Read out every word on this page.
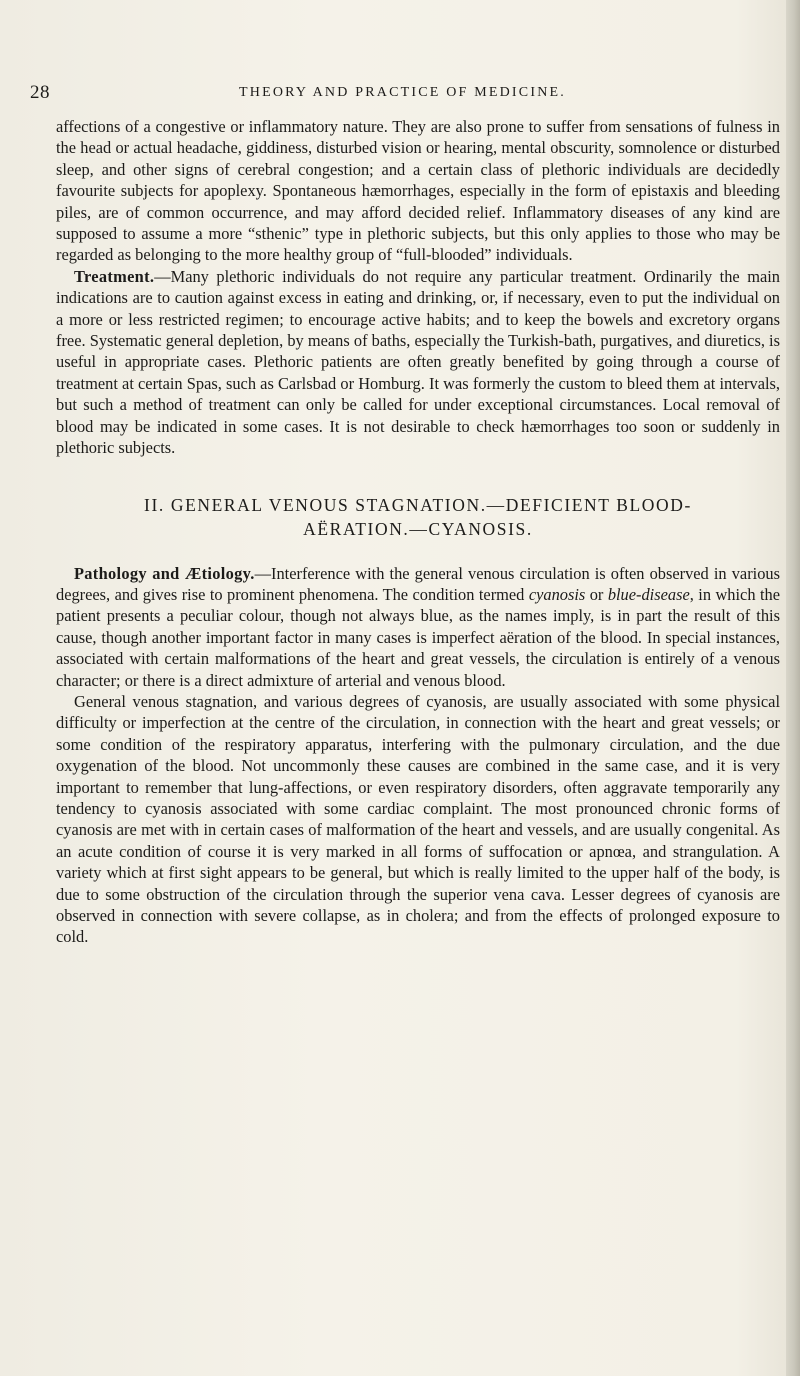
28	THEORY AND PRACTICE OF MEDICINE.

affections of a congestive or inflammatory nature. They are also prone to suffer from sensations of fulness in the head or actual headache, giddiness, disturbed vision or hearing, mental obscurity, somnolence or disturbed sleep, and other signs of cerebral congestion; and a certain class of plethoric individuals are decidedly favourite subjects for apoplexy. Spontaneous hæmorrhages, especially in the form of epistaxis and bleeding piles, are of common occurrence, and may afford decided relief. Inflammatory diseases of any kind are supposed to assume a more “sthenic” type in plethoric subjects, but this only applies to those who may be regarded as belonging to the more healthy group of “full-blooded” individuals.

Treatment.—Many plethoric individuals do not require any particular treatment. Ordinarily the main indications are to caution against excess in eating and drinking, or, if necessary, even to put the individual on a more or less restricted regimen; to encourage active habits; and to keep the bowels and excretory organs free. Systematic general depletion, by means of baths, especially the Turkish-bath, purgatives, and diuretics, is useful in appropriate cases. Plethoric patients are often greatly benefited by going through a course of treatment at certain Spas, such as Carlsbad or Homburg. It was formerly the custom to bleed them at intervals, but such a method of treatment can only be called for under exceptional circumstances. Local removal of blood may be indicated in some cases. It is not desirable to check hæmorrhages too soon or suddenly in plethoric subjects.

II. GENERAL VENOUS STAGNATION.—DEFICIENT BLOOD-
AËRATION.—CYANOSIS.

Pathology and Ætiology.—Interference with the general venous circulation is often observed in various degrees, and gives rise to prominent phenomena. The condition termed cyanosis or blue-disease, in which the patient presents a peculiar colour, though not always blue, as the names imply, is in part the result of this cause, though another important factor in many cases is imperfect aëration of the blood. In special instances, associated with certain malformations of the heart and great vessels, the circulation is entirely of a venous character; or there is a direct admixture of arterial and venous blood.

General venous stagnation, and various degrees of cyanosis, are usually associated with some physical difficulty or imperfection at the centre of the circulation, in connection with the heart and great vessels; or some condition of the respiratory apparatus, interfering with the pulmonary circulation, and the due oxygenation of the blood. Not uncommonly these causes are combined in the same case, and it is very important to remember that lung-affections, or even respiratory disorders, often aggravate temporarily any tendency to cyanosis associated with some cardiac complaint. The most pronounced chronic forms of cyanosis are met with in certain cases of malformation of the heart and vessels, and are usually congenital. As an acute condition of course it is very marked in all forms of suffocation or apnœa, and strangulation. A variety which at first sight appears to be general, but which is really limited to the upper half of the body, is due to some obstruction of the circulation through the superior vena cava. Lesser degrees of cyanosis are observed in connection with severe collapse, as in cholera; and from the effects of prolonged exposure to cold.
